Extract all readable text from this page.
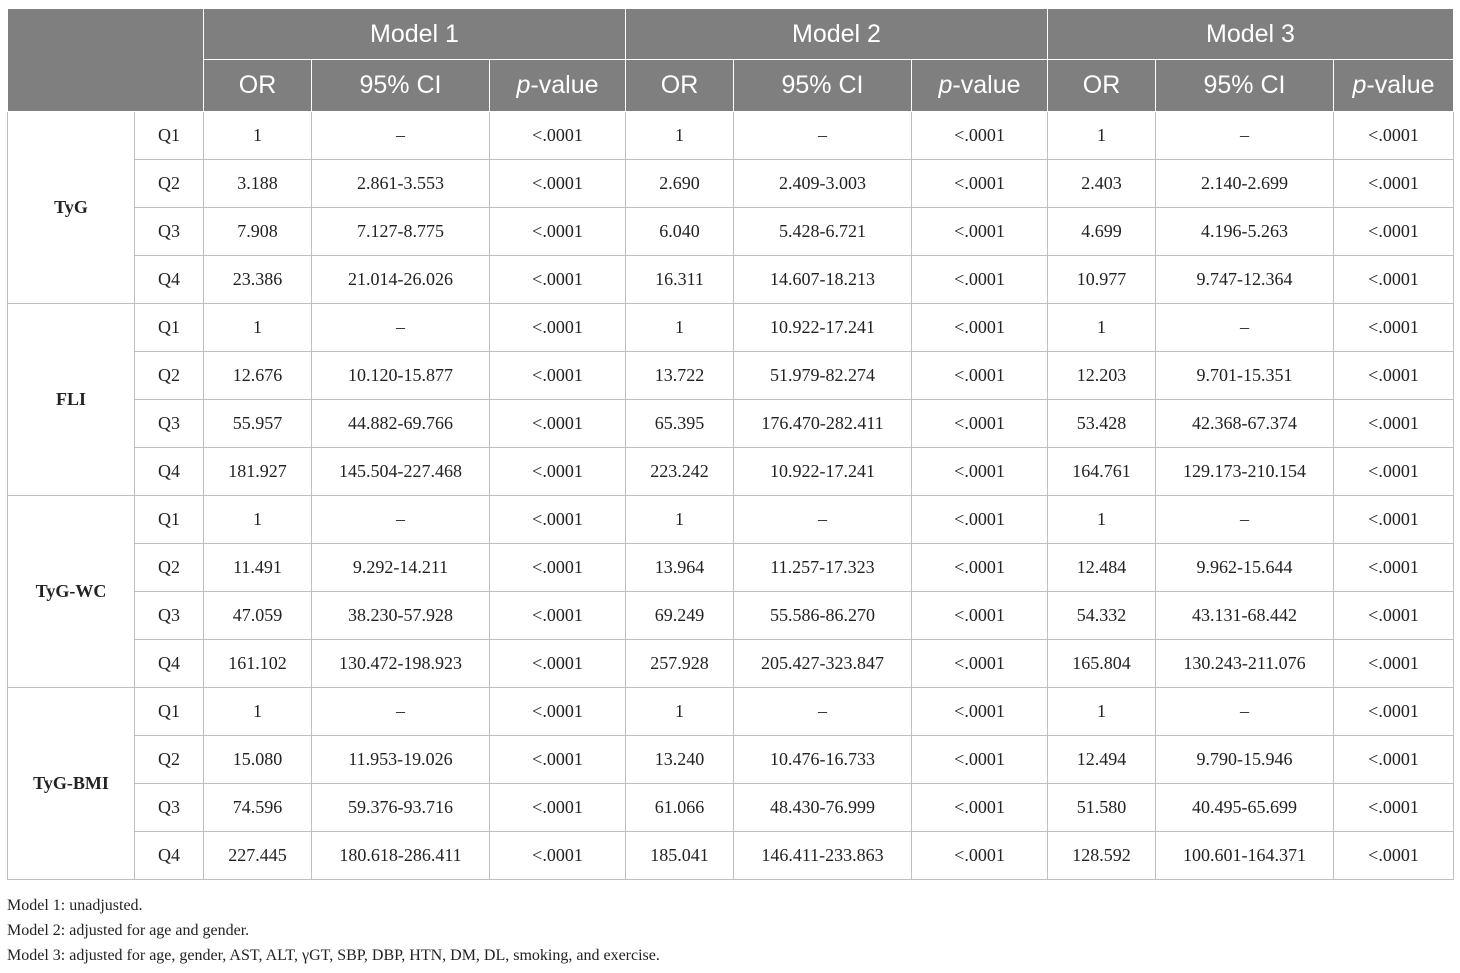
		Model 1			Model 2			Model 3		
		OR	95% CI	p-value	OR	95% CI	p-value	OR	95% CI	p-value
TyG	Q1	1	–	<.0001	1	–	<.0001	1	–	<.0001
	Q2	3.188	2.861-3.553	<.0001	2.690	2.409-3.003	<.0001	2.403	2.140-2.699	<.0001
	Q3	7.908	7.127-8.775	<.0001	6.040	5.428-6.721	<.0001	4.699	4.196-5.263	<.0001
	Q4	23.386	21.014-26.026	<.0001	16.311	14.607-18.213	<.0001	10.977	9.747-12.364	<.0001
FLI	Q1	1	–	<.0001	1	10.922-17.241	<.0001	1	–	<.0001
	Q2	12.676	10.120-15.877	<.0001	13.722	51.979-82.274	<.0001	12.203	9.701-15.351	<.0001
	Q3	55.957	44.882-69.766	<.0001	65.395	176.470-282.411	<.0001	53.428	42.368-67.374	<.0001
	Q4	181.927	145.504-227.468	<.0001	223.242	10.922-17.241	<.0001	164.761	129.173-210.154	<.0001
TyG-WC	Q1	1	–	<.0001	1	–	<.0001	1	–	<.0001
	Q2	11.491	9.292-14.211	<.0001	13.964	11.257-17.323	<.0001	12.484	9.962-15.644	<.0001
	Q3	47.059	38.230-57.928	<.0001	69.249	55.586-86.270	<.0001	54.332	43.131-68.442	<.0001
	Q4	161.102	130.472-198.923	<.0001	257.928	205.427-323.847	<.0001	165.804	130.243-211.076	<.0001
TyG-BMI	Q1	1	–	<.0001	1	–	<.0001	1	–	<.0001
	Q2	15.080	11.953-19.026	<.0001	13.240	10.476-16.733	<.0001	12.494	9.790-15.946	<.0001
	Q3	74.596	59.376-93.716	<.0001	61.066	48.430-76.999	<.0001	51.580	40.495-65.699	<.0001
	Q4	227.445	180.618-286.411	<.0001	185.041	146.411-233.863	<.0001	128.592	100.601-164.371	<.0001
Model 1: unadjusted.
Model 2: adjusted for age and gender.
Model 3: adjusted for age, gender, AST, ALT, γGT, SBP, DBP, HTN, DM, DL, smoking, and exercise.
